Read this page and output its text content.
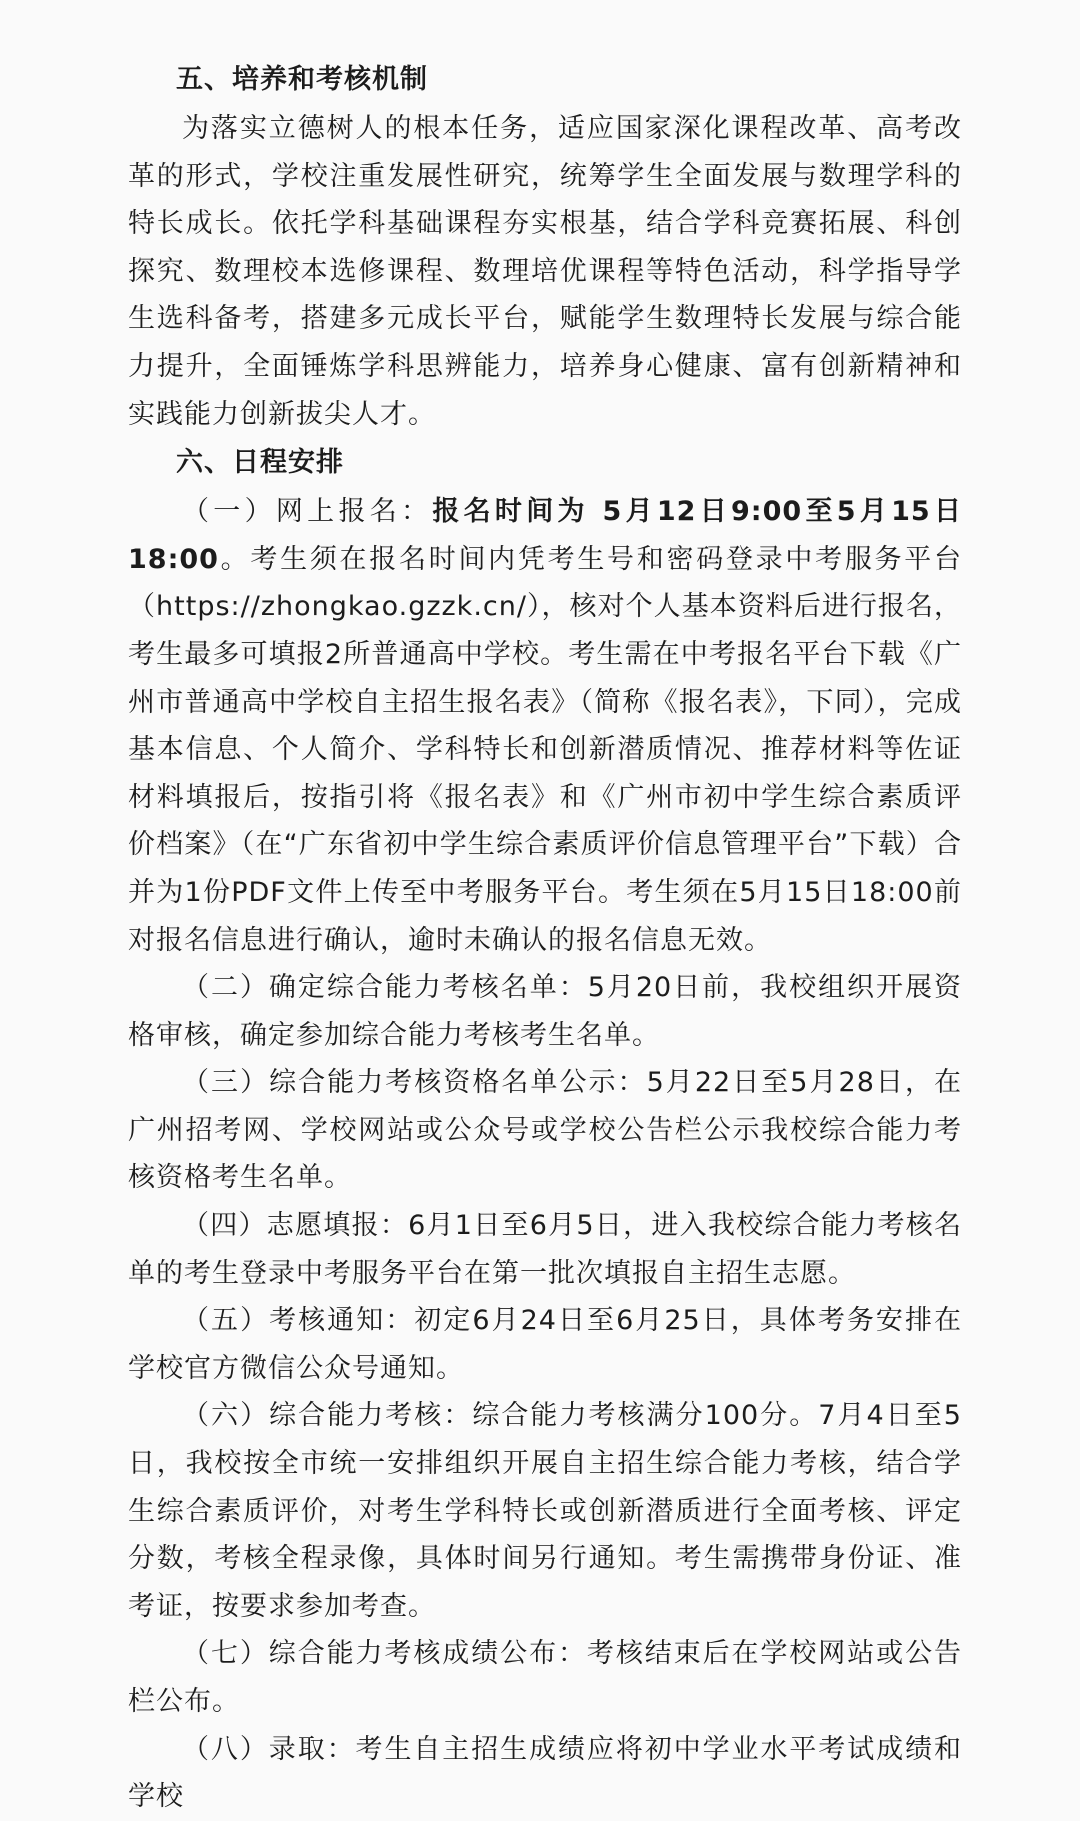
五、培养和考核机制

为落实立德树人的根本任务，适应国家深化课程改革、高考改革的形式，学校注重发展性研究，统筹学生全面发展与数理学科的特长成长。依托学科基础课程夯实根基，结合学科竞赛拓展、科创探究、数理校本选修课程、数理培优课程等特色活动，科学指导学生选科备考，搭建多元成长平台，赋能学生数理特长发展与综合能力提升，全面锤炼学科思辨能力，培养身心健康、富有创新精神和实践能力创新拔尖人才。

六、日程安排

（一）网上报名：报名时间为 5月12日9:00至5月15日18:00。考生须在报名时间内凭考生号和密码登录中考服务平台（https://zhongkao.gzzk.cn/），核对个人基本资料后进行报名，考生最多可填报2所普通高中学校。考生需在中考报名平台下载《广州市普通高中学校自主招生报名表》（简称《报名表》，下同），完成基本信息、个人简介、学科特长和创新潜质情况、推荐材料等佐证材料填报后，按指引将《报名表》和《广州市初中学生综合素质评价档案》（在“广东省初中学生综合素质评价信息管理平台”下载）合并为1份PDF文件上传至中考服务平台。考生须在5月15日18:00前对报名信息进行确认，逾时未确认的报名信息无效。

（二）确定综合能力考核名单：5月20日前，我校组织开展资格审核，确定参加综合能力考核考生名单。

（三）综合能力考核资格名单公示：5月22日至5月28日，在广州招考网、学校网站或公众号或学校公告栏公示我校综合能力考核资格考生名单。

（四）志愿填报：6月1日至6月5日，进入我校综合能力考核名单的考生登录中考服务平台在第一批次填报自主招生志愿。

（五）考核通知：初定6月24日至6月25日，具体考务安排在学校官方微信公众号通知。

（六）综合能力考核：综合能力考核满分100分。7月4日至5日，我校按全市统一安排组织开展自主招生综合能力考核，结合学生综合素质评价，对考生学科特长或创新潜质进行全面考核、评定分数，考核全程录像，具体时间另行通知。考生需携带身份证、准考证，按要求参加考查。

（七）综合能力考核成绩公布：考核结束后在学校网站或公告栏公布。

（八）录取：考生自主招生成绩应将初中学业水平考试成绩和学校
